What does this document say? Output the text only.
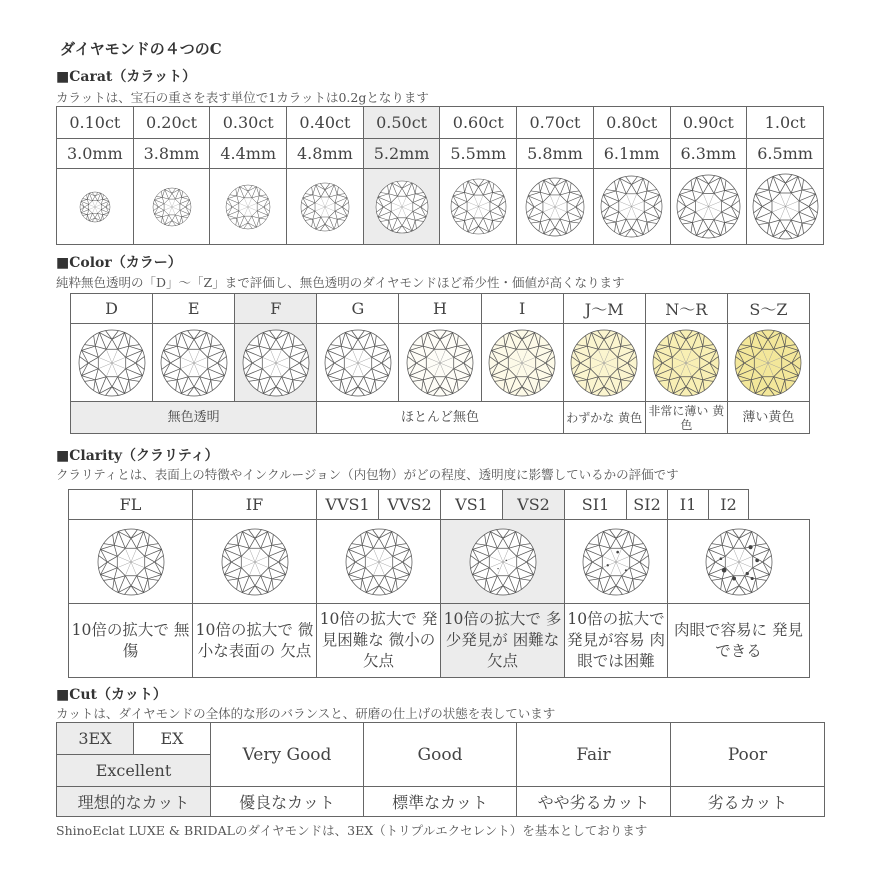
ダイヤモンドの４つのC
■Carat（カラット）
カラットは、宝石の重さを表す単位で1カラットは0.2gとなります
0.10ct	0.20ct	0.30ct	0.40ct	0.50ct	0.60ct	0.70ct	0.80ct	0.90ct	1.0ct
3.0mm	3.8mm	4.4mm	4.8mm	5.2mm	5.5mm	5.8mm	6.1mm	6.3mm	6.5mm

■Color（カラー）
純粋無色透明の「D」～「Z」まで評価し、無色透明のダイヤモンドほど希少性・価値が高くなります
D	E	F	G	H	I	J～M	N～R	S～Z

無色透明			ほとんど無色			わずかな 黄色	非常に薄い 黄色	薄い黄色
■Clarity（クラリティ）
クラリティとは、表面上の特徴やインクルージョン（内包物）がどの程度、透明度に影響しているかの評価です
FL	IF	VVS1	VVS2	VS1	VS2	SI1	SI2	I1	I2

10倍の拡大で 無傷	10倍の拡大で 微小な表面の 欠点	10倍の拡大で 発見困難な 微小の欠点		10倍の拡大で 多少発見が 困難な欠点		10倍の拡大で 発見が容易 肉眼では困難		肉眼で容易に 発見できる	
■Cut（カット）
カットは、ダイヤモンドの全体的な形のバランスと、研磨の仕上げの状態を表しています
3EX	EX	Very Good	Good	Fair	Poor
Excellent					
理想的なカット		優良なカット	標準なカット	やや劣るカット	劣るカット
ShinoEclat LUXE & BRIDALのダイヤモンドは、3EX（トリプルエクセレント）を基本としております
